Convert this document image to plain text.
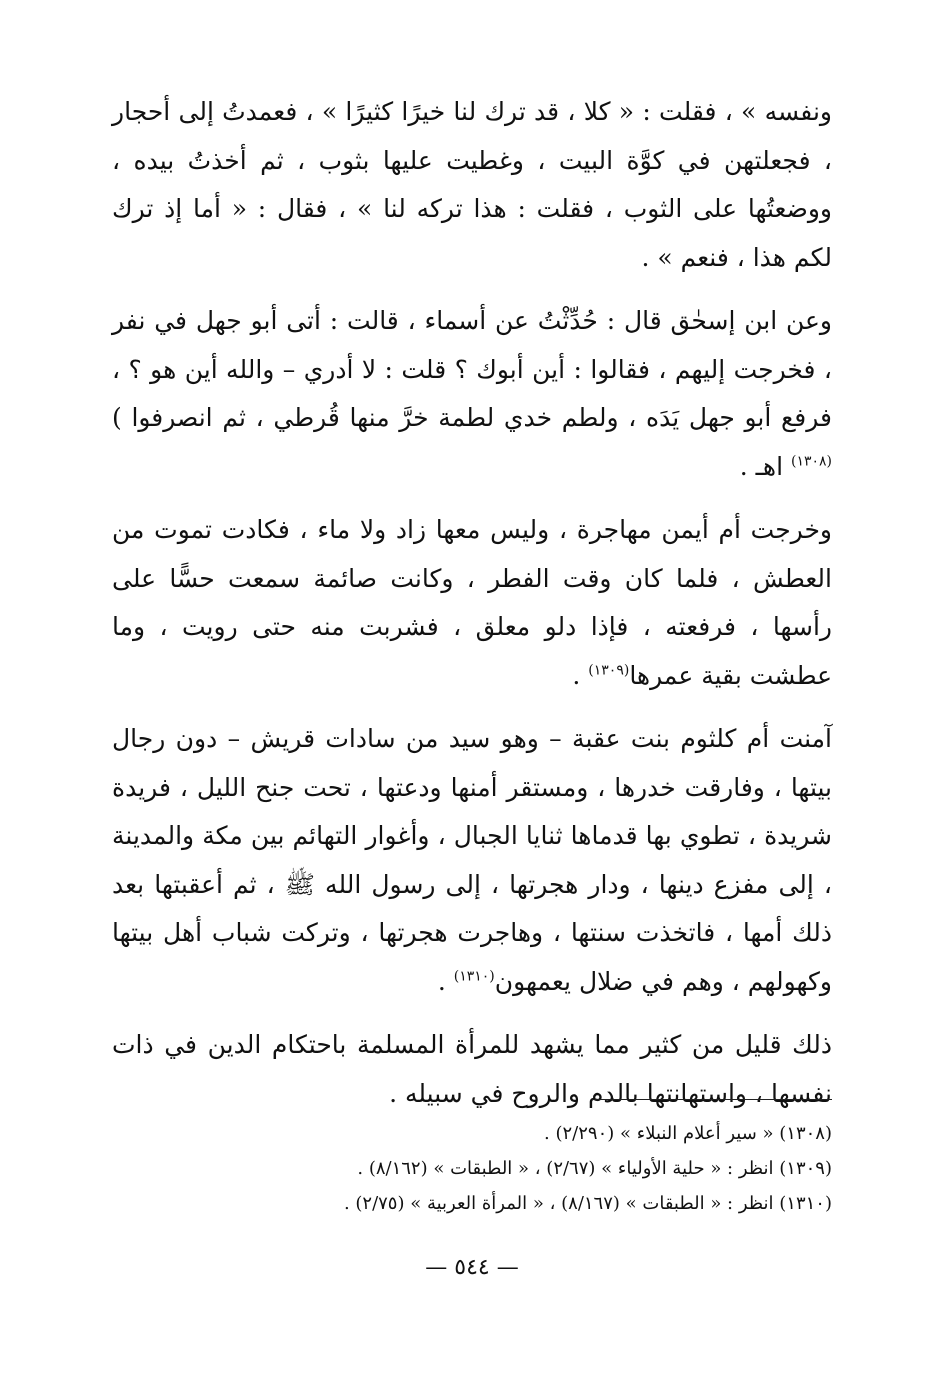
ونفسه » ، فقلت : « كلا ، قد ترك لنا خيرًا كثيرًا » ، فعمدتُ إلى أحجار ، فجعلتهن في كوَّة البيت ، وغطيت عليها بثوب ، ثم أخذتُ بيده ، ووضعتُها على الثوب ، فقلت : هذا تركه لنا » ، فقال : « أما إذ ترك لكم هذا ، فنعم » .

وعن ابن إسحٰق قال : حُدِّثْتُ عن أسماء ، قالت : أتى أبو جهل في نفر ، فخرجت إليهم ، فقالوا : أين أبوك ؟ قلت : لا أدري – والله أين هو ؟ ، فرفع أبو جهل يَدَه ، ولطم خدي لطمة خرَّ منها قُرطي ، ثم انصرفوا )$^{(١٣٠٨)}$ اهـ .

وخرجت أم أيمن مهاجرة ، وليس معها زاد ولا ماء ، فكادت تموت من العطش ، فلما كان وقت الفطر ، وكانت صائمة سمعت حسًّا على رأسها ، فرفعته ، فإذا دلو معلق ، فشربت منه حتى رويت ، وما عطشت بقية عمرها$^{(١٣٠٩)}$ .

آمنت أم كلثوم بنت عقبة – وهو سيد من سادات قريش – دون رجال بيتها ، وفارقت خدرها ، ومستقر أمنها ودعتها ، تحت جنح الليل ، فريدة شريدة ، تطوي بها قدماها ثنايا الجبال ، وأغوار التهائم بين مكة والمدينة ، إلى مفزع دينها ، ودار هجرتها ، إلى رسول الله ﷺ ، ثم أعقبتها بعد ذلك أمها ، فاتخذت سنتها ، وهاجرت هجرتها ، وتركت شباب أهل بيتها وكهولهم ، وهم في ضلال يعمهون$^{(١٣١٠)}$ .

ذلك قليل من كثير مما يشهد للمرأة المسلمة باحتكام الدين في ذات نفسها ، واستهانتها بالدم والروح في سبيله .

(١٣٠٨) « سير أعلام النبلاء » (٢/٢٩٠) .

(١٣٠٩) انظر : « حلية الأولياء » (٢/٦٧) ، « الطبقات » (٨/١٦٢) .

(١٣١٠) انظر : « الطبقات » (٨/١٦٧) ، « المرأة العربية » (٢/٧٥) .

— ٥٤٤ —
